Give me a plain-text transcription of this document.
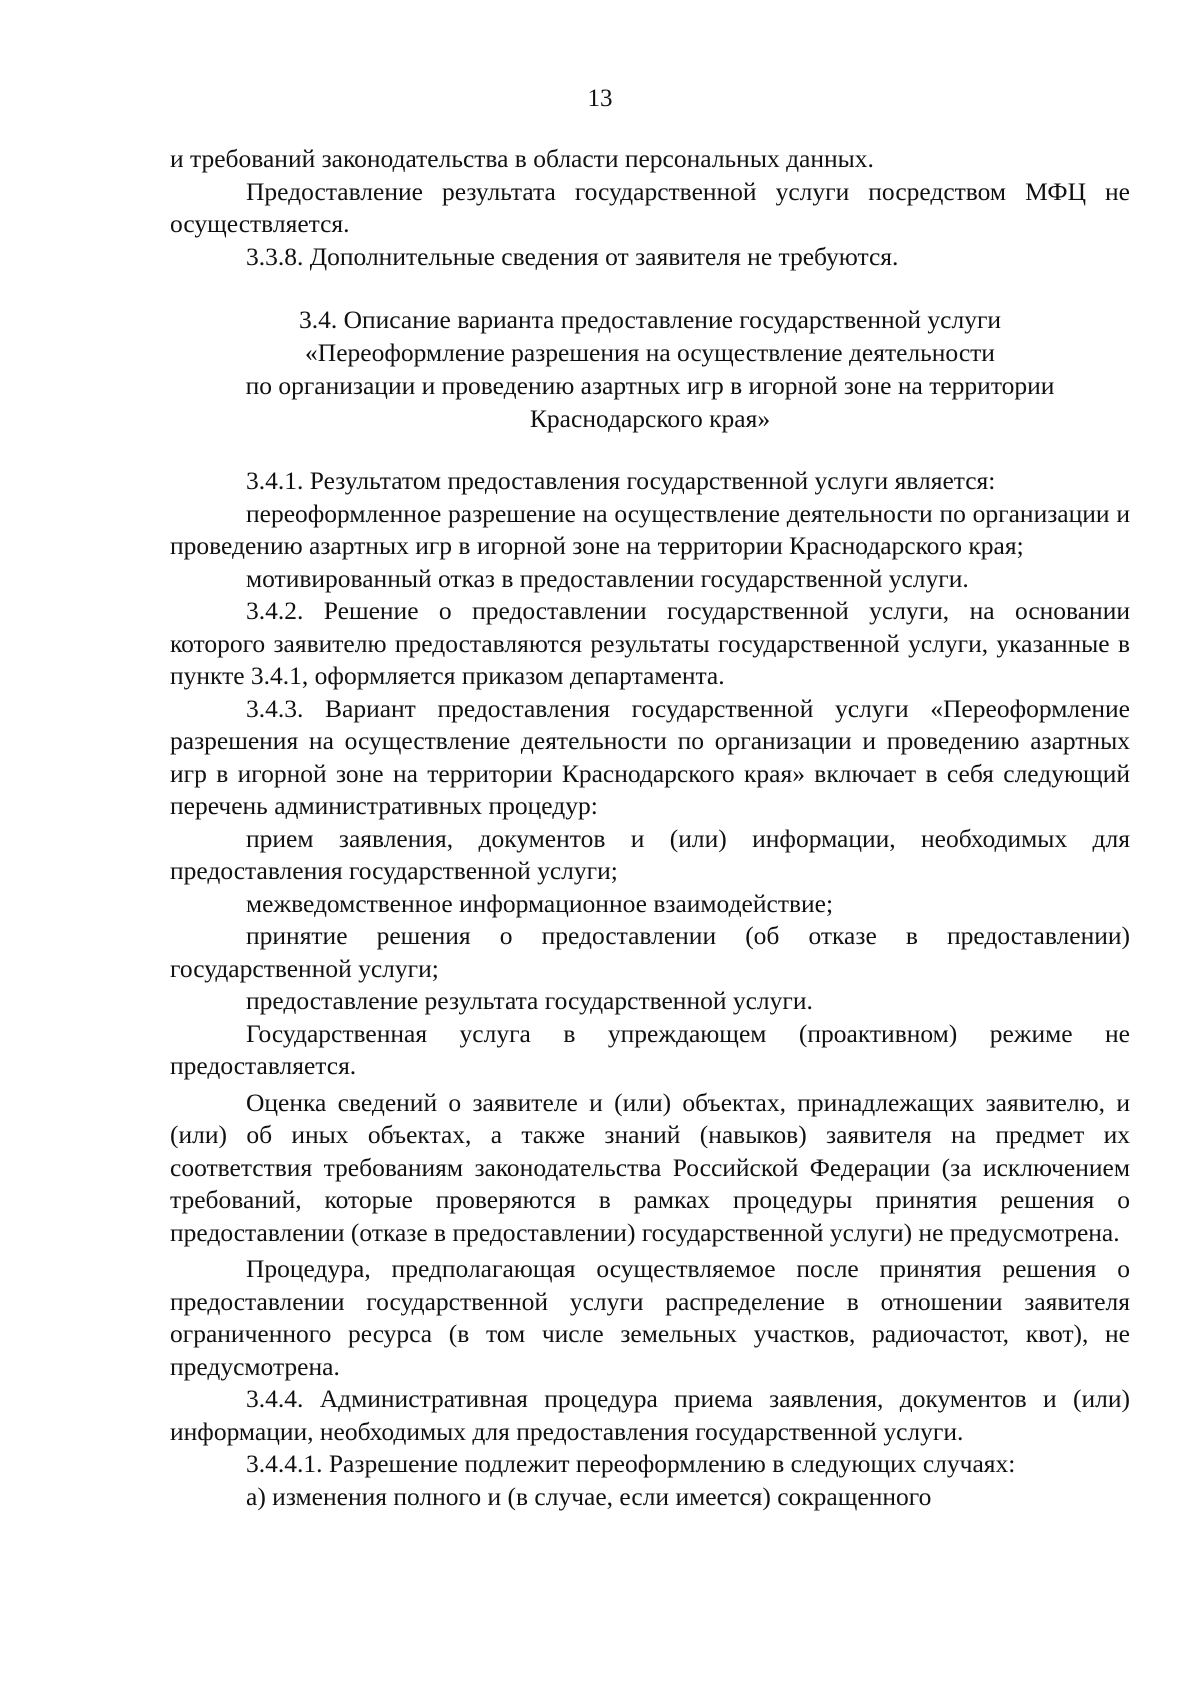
13

и требований законодательства в области персональных данных.

Предоставление результата государственной услуги посредством МФЦ не осуществляется.

3.3.8. Дополнительные сведения от заявителя не требуются.

3.4. Описание варианта предоставление государственной услуги
«Переоформление разрешения на осуществление деятельности
по организации и проведению азартных игр в игорной зоне на территории
Краснодарского края»

3.4.1. Результатом предоставления государственной услуги является:

переоформленное разрешение на осуществление деятельности по организации и проведению азартных игр в игорной зоне на территории Краснодарского края;

мотивированный отказ в предоставлении государственной услуги.

3.4.2. Решение о предоставлении государственной услуги, на основании которого заявителю предоставляются результаты государственной услуги, указанные в пункте 3.4.1, оформляется приказом департамента.

3.4.3. Вариант предоставления государственной услуги «Переоформление разрешения на осуществление деятельности по организации и проведению азартных игр в игорной зоне на территории Краснодарского края» включает в себя следующий перечень административных процедур:

прием заявления, документов и (или) информации, необходимых для предоставления государственной услуги;

межведомственное информационное взаимодействие;

принятие решения о предоставлении (об отказе в предоставлении) государственной услуги;

предоставление результата государственной услуги.

Государственная услуга в упреждающем (проактивном) режиме не предоставляется.

Оценка сведений о заявителе и (или) объектах, принадлежащих заявителю, и (или) об иных объектах, а также знаний (навыков) заявителя на предмет их соответствия требованиям законодательства Российской Федерации (за исключением требований, которые проверяются в рамках процедуры принятия решения о предоставлении (отказе в предоставлении) государственной услуги) не предусмотрена.

Процедура, предполагающая осуществляемое после принятия решения о предоставлении государственной услуги распределение в отношении заявителя ограниченного ресурса (в том числе земельных участков, радиочастот, квот), не предусмотрена.

3.4.4. Административная процедура приема заявления, документов и (или) информации, необходимых для предоставления государственной услуги.

3.4.4.1. Разрешение подлежит переоформлению в следующих случаях:

а) изменения полного и (в случае, если имеется) сокращенного
